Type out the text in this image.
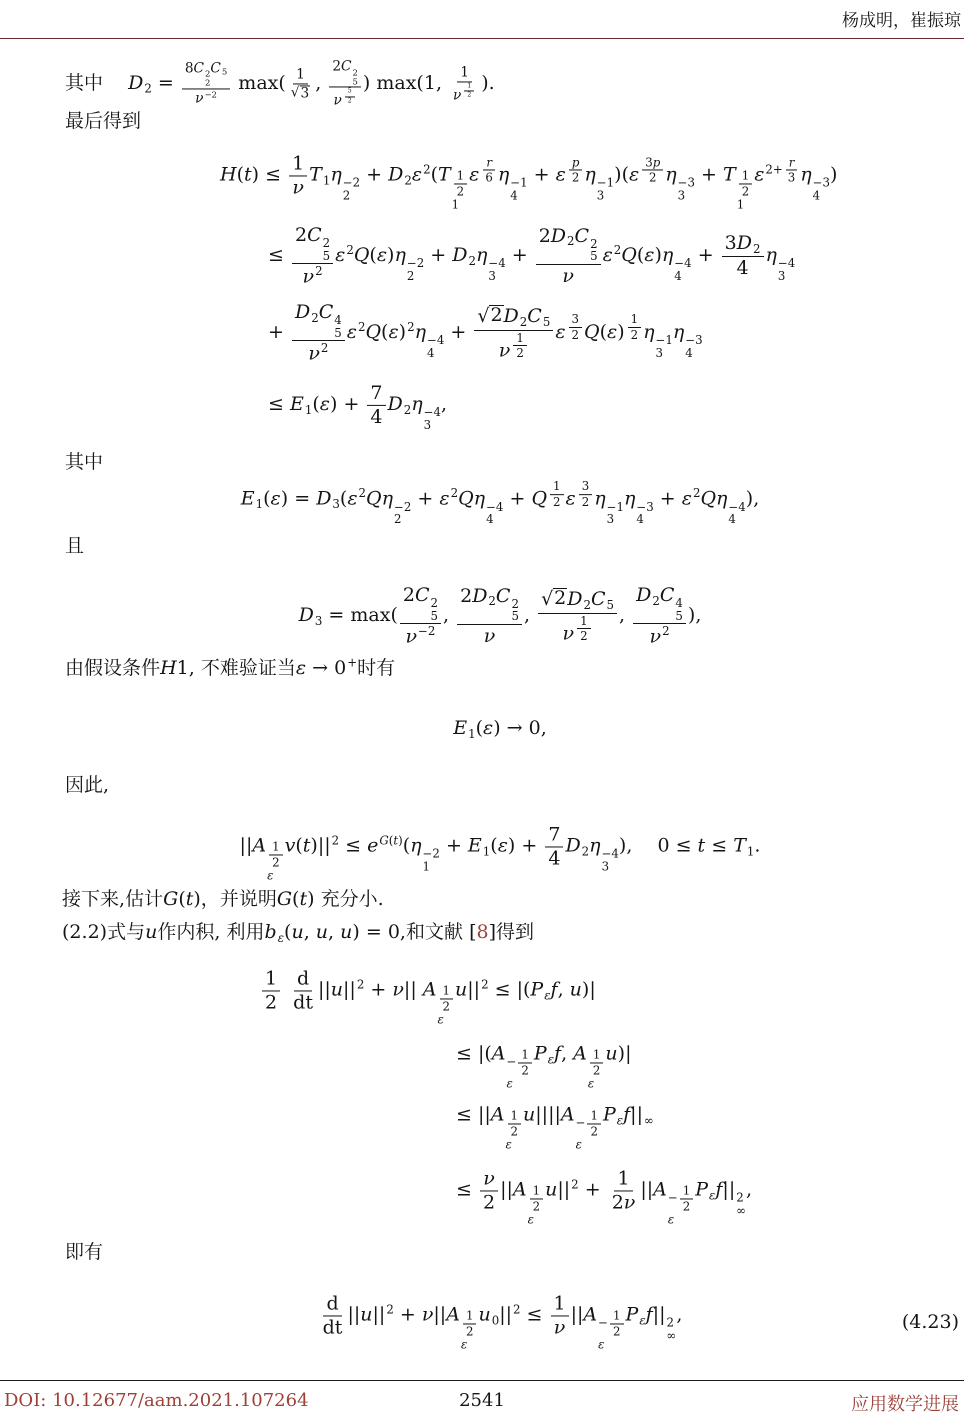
杨成明，崔振琼
其中  D2 = 8C 2
2
C5
$\nu^{-2}$ $\max( \frac{1}{√ 3}$ , 2C 2
5
ν $^{\frac{5}{2}}$ ) max(1, 1
ν $^{\frac{1}{2}}$ ).
最后得到
$H(t) \le \frac{1}{\nu} T1\eta -2$
2
+ $D2\varepsilon^2(T \frac{1}{2}$
1
ε $^{\frac{r}{6}}$ η −1
4
+ ε $^{\frac{p}{2}}$ η −1
3
)(ε $^{\frac{3p}{2}}$ η −3
3
+ T $\frac{1}{2}$
1
$\varepsilon^{2+ \frac{r}{3}}$ η −3
4
)
≤ 2C 2
5
$\nu^2$ $\varepsilon^2Q(\varepsilon)\eta -2$
2
+ D2η −4
3
+ 2D2C 2
5
ν $\varepsilon^2Q(\varepsilon)\eta -4$
4
+ $\frac{3D2}{4}$ η −4
3
+ D2C 4
5
$\nu^2$ $\varepsilon^2Q(\varepsilon)^2\eta -4$
4
+ √ 2 D2C5
ν $^{\frac{1}{2}}$ ε $^{\frac{3}{2}}$ Q(ε) $^{\frac{1}{2}}$ η −1
3
η −3
4
≤ $E1(\varepsilon) + \frac{7}{4} D2\eta -4$
3
,
其中
$E1(\varepsilon) = D3(\varepsilon^2Q\eta -2$
2
+ $\varepsilon^2Q\eta -4$
4
+ Q $^{\frac{1}{2}}$ ε $^{\frac{3}{2}}$ η −1
3
η −3
4
+ $\varepsilon^2Q\eta -4$
4
),
且
D3 = max( 2C 2
5
$\nu^{-2}$ , 2D2C 2
5
ν , √ 2 D2C5
ν $^{\frac{1}{2}}$ , D2C 4
5
$\nu^2$ ),
由假设条件H1, 不难验证当ε → 0+时有
E1(ε) → 0,
因此,
$||A \frac{1}{2}$
ε
$v(t)||^2 \le e^{G(t)}(\eta -2$
1
+ $E1(\varepsilon) + \frac{7}{4} D2\eta -4$
3
),  0 ≤ t ≤ T1.
接下来,估计G(t)，并说明G(t) 充分小.
(2.2)式与u作内积, 利用bε(u, u, u) = 0,和文献 [8]得到
$\frac{1}{2}$
$\frac{d}{dt} ||u||^2 + \nu||$ A $\frac{1}{2}$
ε
$u||^2 \le |(P\varepsilon f$, u)|
≤ $|(A - \frac{1}{2}$
ε
Pεf, A $\frac{1}{2}$
ε
u)|
≤ $||A \frac{1}{2}$
ε
$u||||A - \frac{1}{2}$
ε
Pεf||∞
≤ $\frac{\nu}{2} ||A \frac{1}{2}$
ε
$u||^2 + \frac{1}{2\nu} ||A - \frac{1}{2}$
ε
Pεf|| 2
∞
,
即有
$\frac{d}{dt} ||u||^2 + \nu||A \frac{1}{2}$
ε
$u0||^2 \le \frac{1}{\nu} ||A - \frac{1}{2}$
ε
Pεf|| 2
∞
,	(4.23)
DOI: 10.12677/aam.2021.107264	2541	应用数学进展
